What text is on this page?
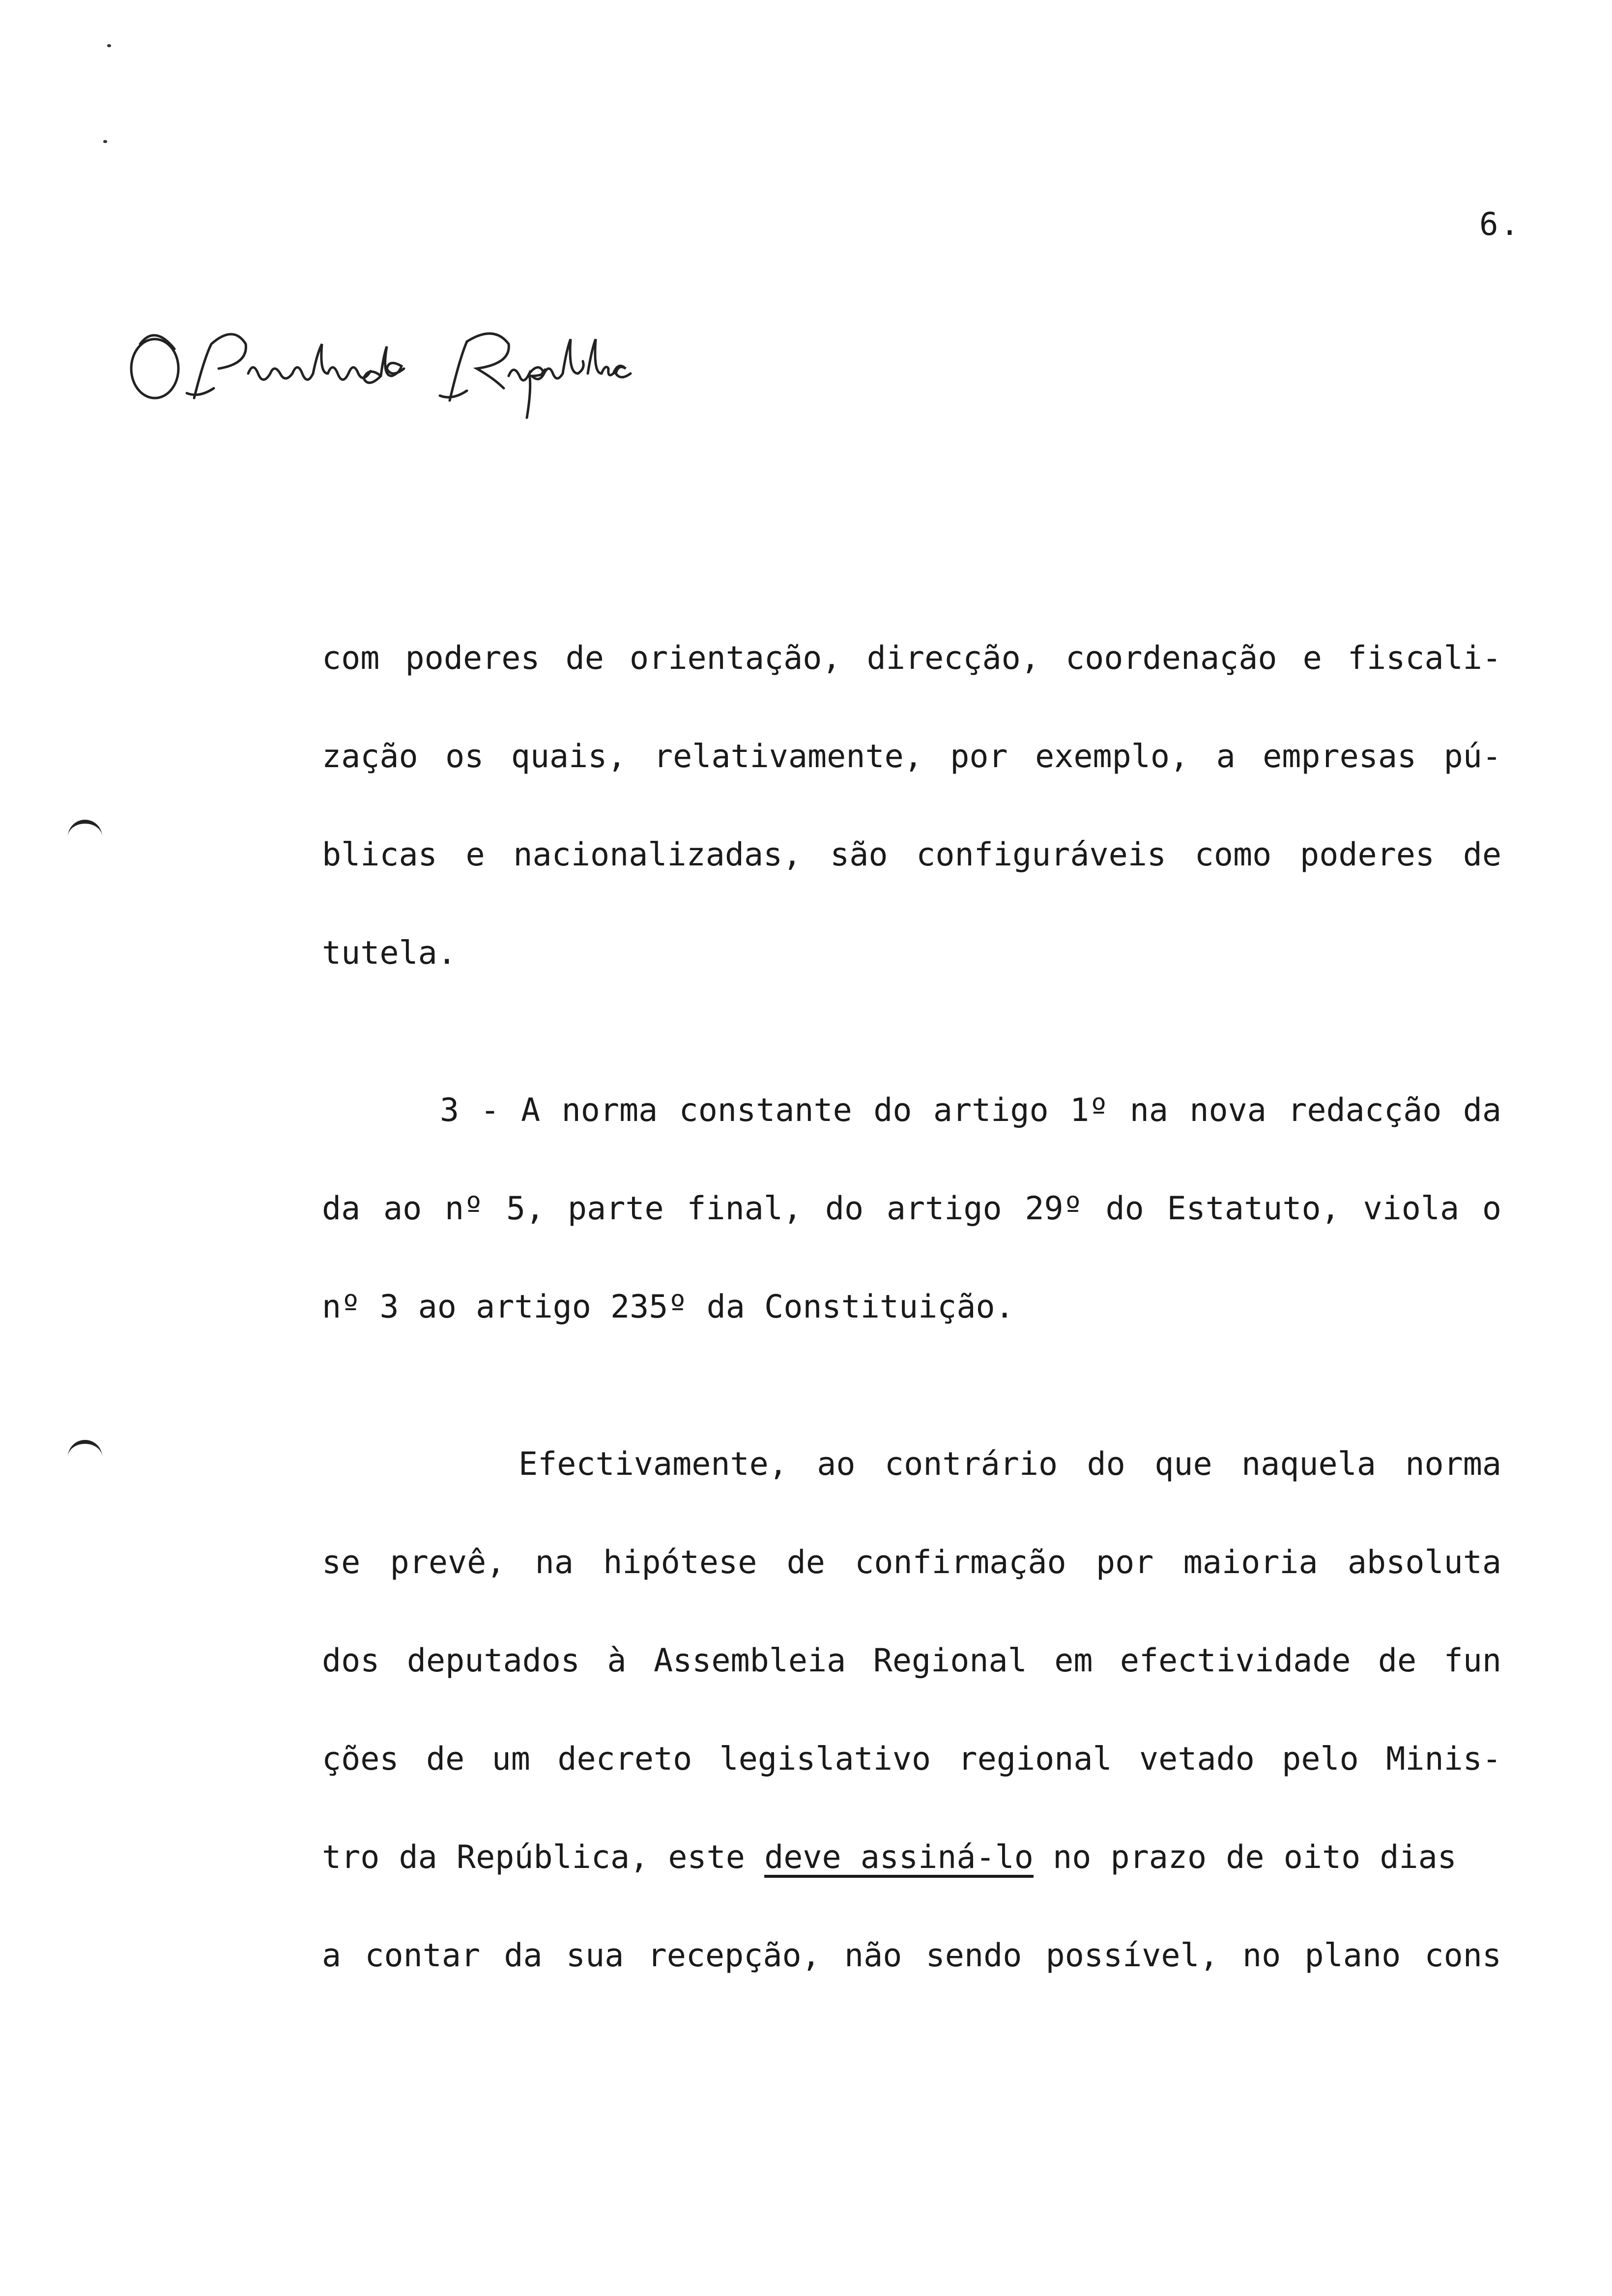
6.
com poderes de orientação, direcção, coordenação e fiscali-
zação os quais, relativamente, por exemplo, a empresas pú-
blicas e nacionalizadas, são configuráveis como poderes de
tutela.
3 - A norma constante do artigo 1º na nova redacção da
da ao nº 5, parte final, do artigo 29º do Estatuto, viola o
nº 3 ao artigo 235º da Constituição.
Efectivamente, ao contrário do que naquela norma
se prevê, na hipótese de confirmação por maioria absoluta
dos deputados à Assembleia Regional em efectividade de fun
ções de um decreto legislativo regional vetado pelo Minis-
tro da República, este deve assiná-lo no prazo de oito dias
a contar da sua recepção, não sendo possível, no plano cons
